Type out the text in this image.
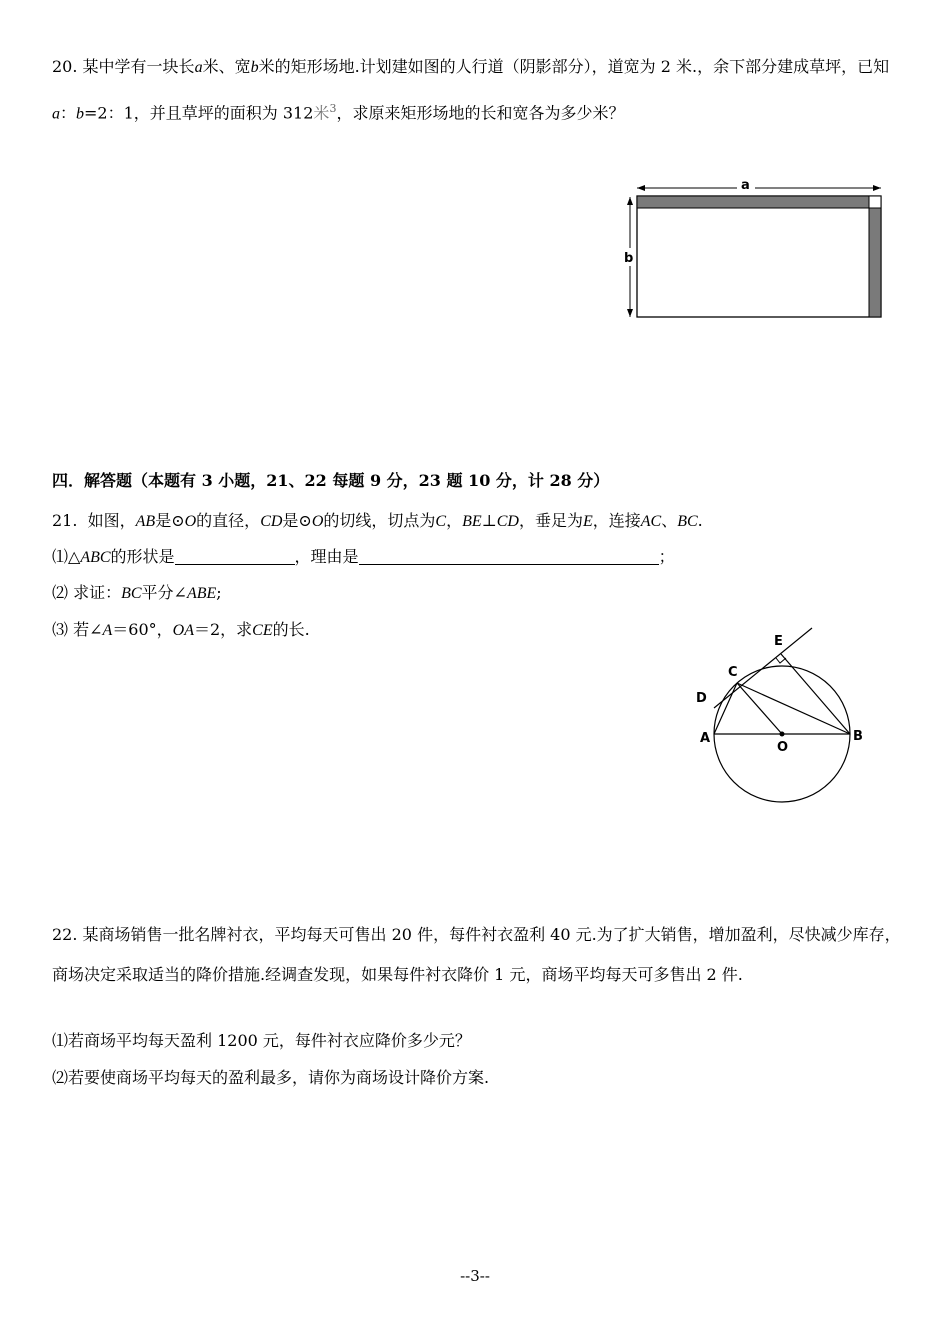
20. 某中学有一块长a米、宽b米的矩形场地.计划建如图的人行道（阴影部分），道宽为 2 米.，余下部分建成草坪，已知a：b=2：1，并且草坪的面积为 312米$^3$，求原来矩形场地的长和宽各为多少米？
a
b
四．解答题（本题有 3 小题，21、22 每题 9 分，23 题 10 分，计 28 分）
21. 如图，AB是⊙O的直径，CD是⊙O的切线，切点为C，BE⊥CD，垂足为E，连接AC、BC.
⑴△ABC的形状是	，理由是	；
⑵ 求证：BC平分∠ABE;
⑶ 若∠A＝60°，OA＝2，求CE的长.
E
C
D
A
O
B
22. 某商场销售一批名牌衬衣，平均每天可售出 20 件，每件衬衣盈利 40 元.为了扩大销售，增加盈利，尽快减少库存，商场决定采取适当的降价措施.经调查发现，如果每件衬衣降价 1 元，商场平均每天可多售出 2 件.
⑴若商场平均每天盈利 1200 元，每件衬衣应降价多少元？
⑵若要使商场平均每天的盈利最多，请你为商场设计降价方案.
--3--
